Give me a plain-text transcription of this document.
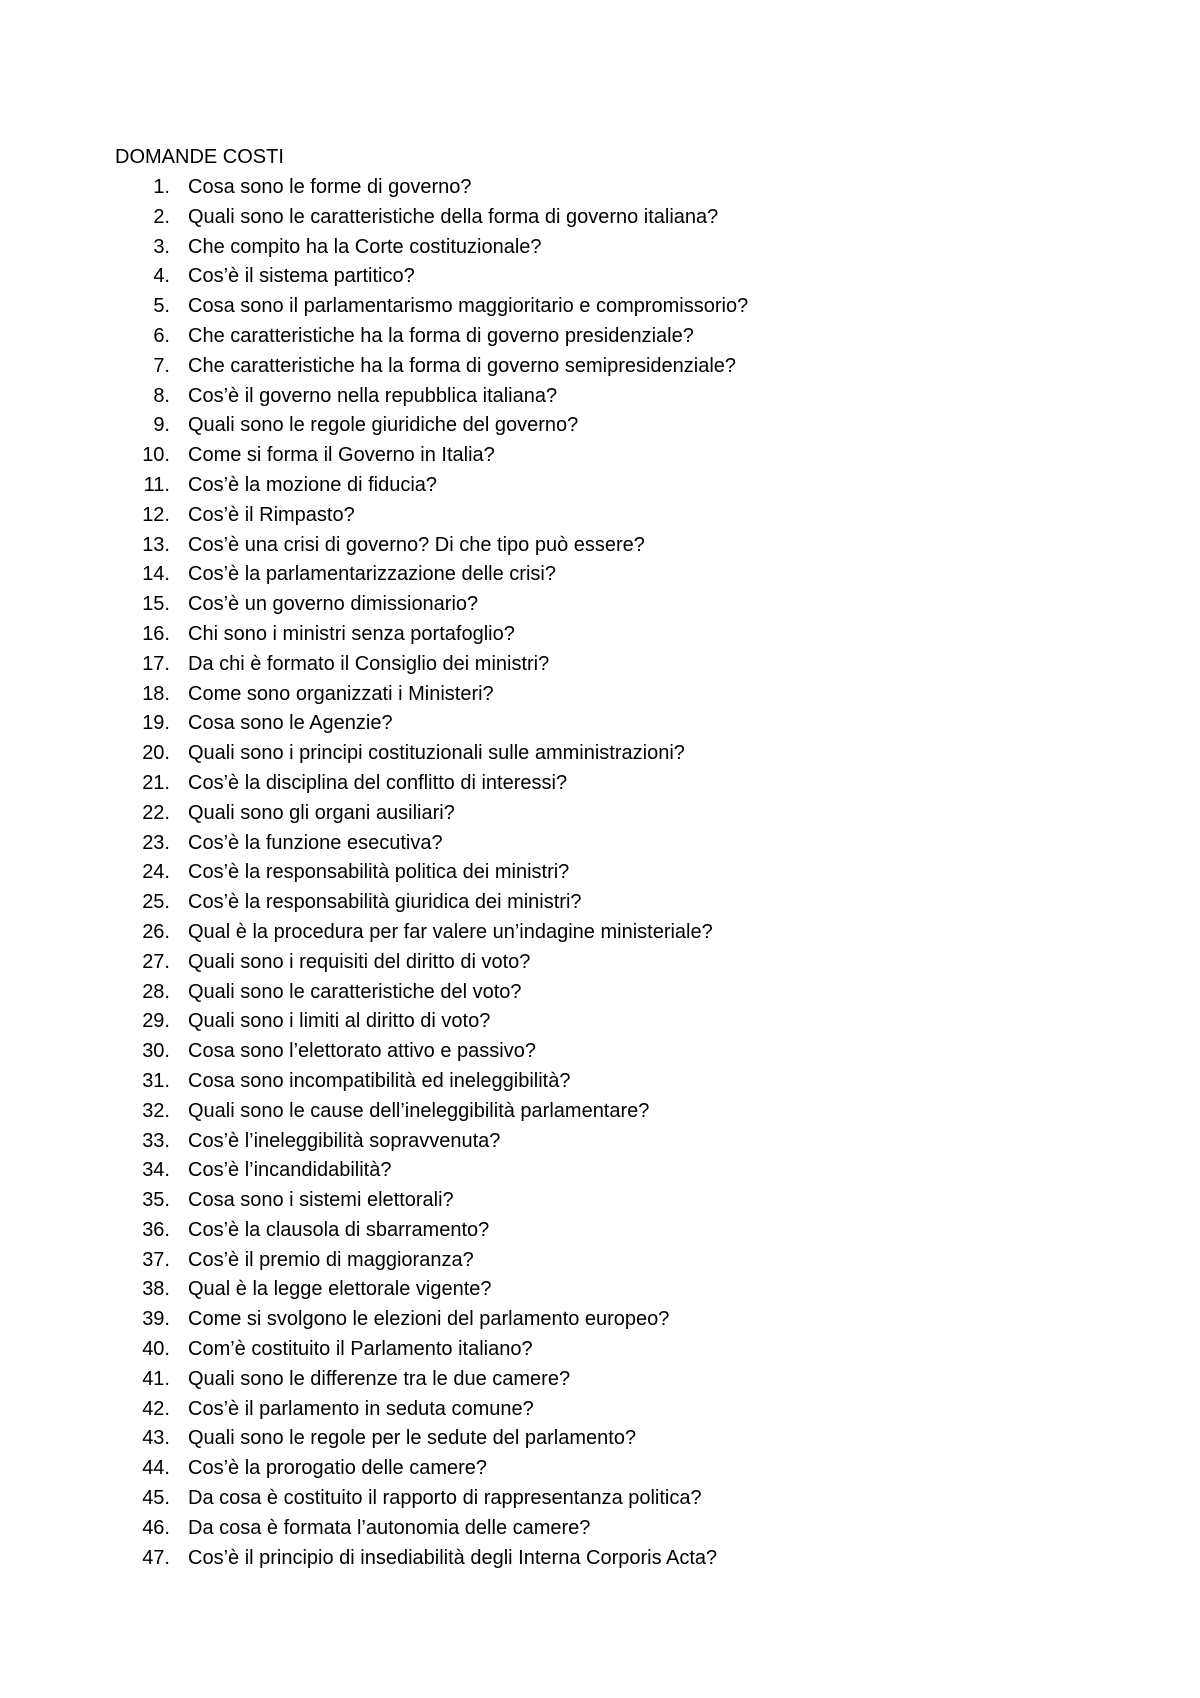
DOMANDE COSTI
1. Cosa sono le forme di governo?
2. Quali sono le caratteristiche della forma di governo italiana?
3. Che compito ha la Corte costituzionale?
4. Cos’è il sistema partitico?
5. Cosa sono il parlamentarismo maggioritario e compromissorio?
6. Che caratteristiche ha la forma di governo presidenziale?
7. Che caratteristiche ha la forma di governo semipresidenziale?
8. Cos’è il governo nella repubblica italiana?
9. Quali sono le regole giuridiche del governo?
10. Come si forma il Governo in Italia?
11. Cos’è la mozione di fiducia?
12. Cos’è il Rimpasto?
13. Cos’è una crisi di governo? Di che tipo può essere?
14. Cos’è la parlamentarizzazione delle crisi?
15. Cos’è un governo dimissionario?
16. Chi sono i ministri senza portafoglio?
17. Da chi è formato il Consiglio dei ministri?
18. Come sono organizzati i Ministeri?
19. Cosa sono le Agenzie?
20. Quali sono i principi costituzionali sulle amministrazioni?
21. Cos’è la disciplina del conflitto di interessi?
22. Quali sono gli organi ausiliari?
23. Cos’è la funzione esecutiva?
24. Cos’è la responsabilità politica dei ministri?
25. Cos’è la responsabilità giuridica dei ministri?
26. Qual è la procedura per far valere un’indagine ministeriale?
27. Quali sono i requisiti del diritto di voto?
28. Quali sono le caratteristiche del voto?
29. Quali sono i limiti al diritto di voto?
30. Cosa sono l’elettorato attivo e passivo?
31. Cosa sono incompatibilità ed ineleggibilità?
32. Quali sono le cause dell’ineleggibilità parlamentare?
33. Cos’è l’ineleggibilità sopravvenuta?
34. Cos’è l’incandidabilità?
35. Cosa sono i sistemi elettorali?
36. Cos’è la clausola di sbarramento?
37. Cos’è il premio di maggioranza?
38. Qual è la legge elettorale vigente?
39. Come si svolgono le elezioni del parlamento europeo?
40. Com’è costituito il Parlamento italiano?
41. Quali sono le differenze tra le due camere?
42. Cos’è il parlamento in seduta comune?
43. Quali sono le regole per le sedute del parlamento?
44. Cos’è la prorogatio delle camere?
45. Da cosa è costituito il rapporto di rappresentanza politica?
46. Da cosa è formata l’autonomia delle camere?
47. Cos’è il principio di insediabilità degli Interna Corporis Acta?
